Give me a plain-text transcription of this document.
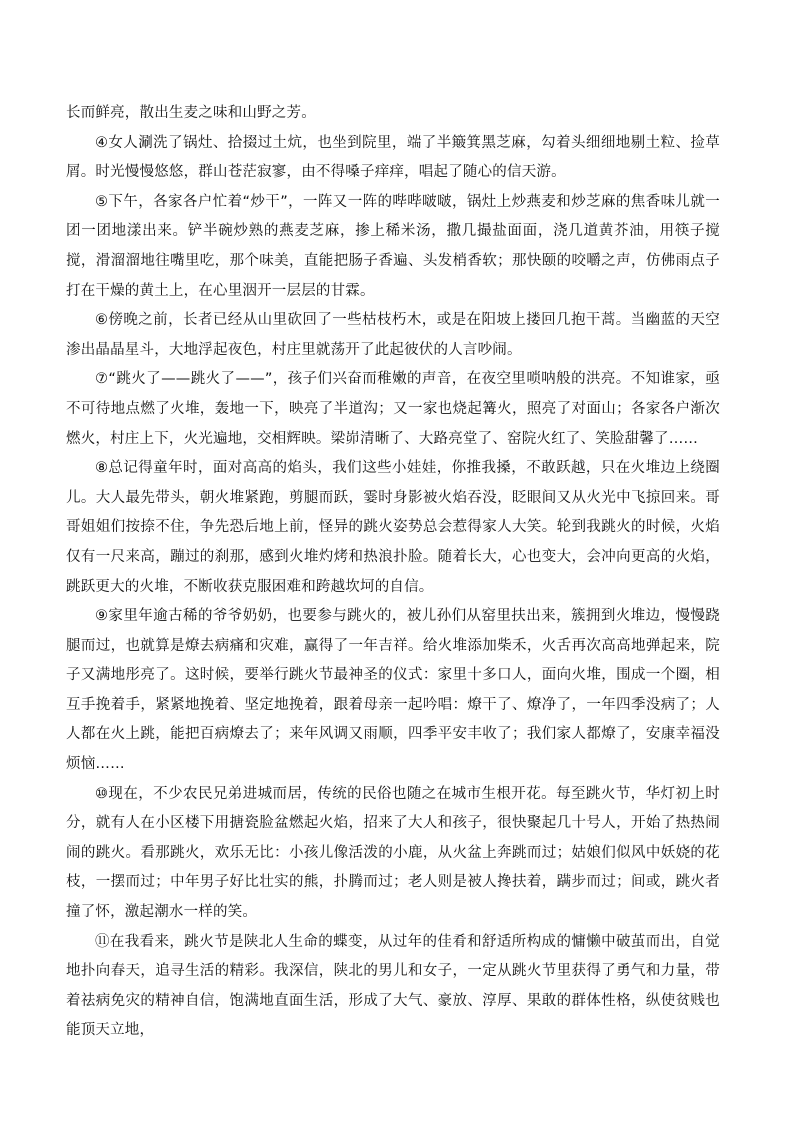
长而鲜亮，散出生麦之味和山野之芳。

④女人涮洗了锅灶、拾掇过土炕，也坐到院里，端了半簸箕黑芝麻，勾着头细细地剔土粒、捡草屑。时光慢慢悠悠，群山苍茫寂寥，由不得嗓子痒痒，唱起了随心的信天游。

⑤下午，各家各户忙着“炒干”，一阵又一阵的哔哔啵啵，锅灶上炒燕麦和炒芝麻的焦香味儿就一团一团地漾出来。铲半碗炒熟的燕麦芝麻，掺上稀米汤，撒几撮盐面面，浇几道黄芥油，用筷子搅搅，滑溜溜地往嘴里吃，那个味美，直能把肠子香遍、头发梢香软；那快颐的咬嚼之声，仿佛雨点子打在干燥的黄土上，在心里洇开一层层的甘霖。

⑥傍晚之前，长者已经从山里砍回了一些枯枝朽木，或是在阳坡上搂回几抱干蒿。当幽蓝的天空渗出晶晶星斗，大地浮起夜色，村庄里就荡开了此起彼伏的人言吵闹。

⑦“跳火了——跳火了——”，孩子们兴奋而稚嫩的声音，在夜空里唢呐般的洪亮。不知谁家，亟不可待地点燃了火堆，轰地一下，映亮了半道沟；又一家也烧起篝火，照亮了对面山；各家各户渐次燃火，村庄上下，火光遍地，交相辉映。梁峁清晰了、大路亮堂了、窑院火红了、笑脸甜馨了……

⑧总记得童年时，面对高高的焰头，我们这些小娃娃，你推我搡，不敢跃越，只在火堆边上绕圈儿。大人最先带头，朝火堆紧跑，剪腿而跃，霎时身影被火焰吞没，眨眼间又从火光中飞掠回来。哥哥姐姐们按捺不住，争先恐后地上前，怪异的跳火姿势总会惹得家人大笑。轮到我跳火的时候，火焰仅有一尺来高，蹦过的刹那，感到火堆灼烤和热浪扑脸。随着长大，心也变大，会冲向更高的火焰，跳跃更大的火堆，不断收获克服困难和跨越坎坷的自信。

⑨家里年逾古稀的爷爷奶奶，也要参与跳火的，被儿孙们从窑里扶出来，簇拥到火堆边，慢慢跷腿而过，也就算是燎去病痛和灾难，赢得了一年吉祥。给火堆添加柴禾，火舌再次高高地弹起来，院子又满地彤亮了。这时候，要举行跳火节最神圣的仪式：家里十多口人，面向火堆，围成一个圈，相互手挽着手，紧紧地挽着、坚定地挽着，跟着母亲一起吟唱：燎干了、燎净了，一年四季没病了；人人都在火上跳，能把百病燎去了；来年风调又雨顺，四季平安丰收了；我们家人都燎了，安康幸福没烦恼……

⑩现在，不少农民兄弟进城而居，传统的民俗也随之在城市生根开花。每至跳火节，华灯初上时分，就有人在小区楼下用搪瓷脸盆燃起火焰，招来了大人和孩子，很快聚起几十号人，开始了热热闹闹的跳火。看那跳火，欢乐无比：小孩儿像活泼的小鹿，从火盆上奔跳而过；姑娘们似风中妖娆的花枝，一摆而过；中年男子好比壮实的熊，扑腾而过；老人则是被人搀扶着，蹒步而过；间或，跳火者撞了怀，激起潮水一样的笑。

⑪在我看来，跳火节是陕北人生命的蝶变，从过年的佳肴和舒适所构成的慵懒中破茧而出，自觉地扑向春天，追寻生活的精彩。我深信，陕北的男儿和女子，一定从跳火节里获得了勇气和力量，带着祛病免灾的精神自信，饱满地直面生活，形成了大气、豪放、淳厚、果敢的群体性格，纵使贫贱也能顶天立地，
